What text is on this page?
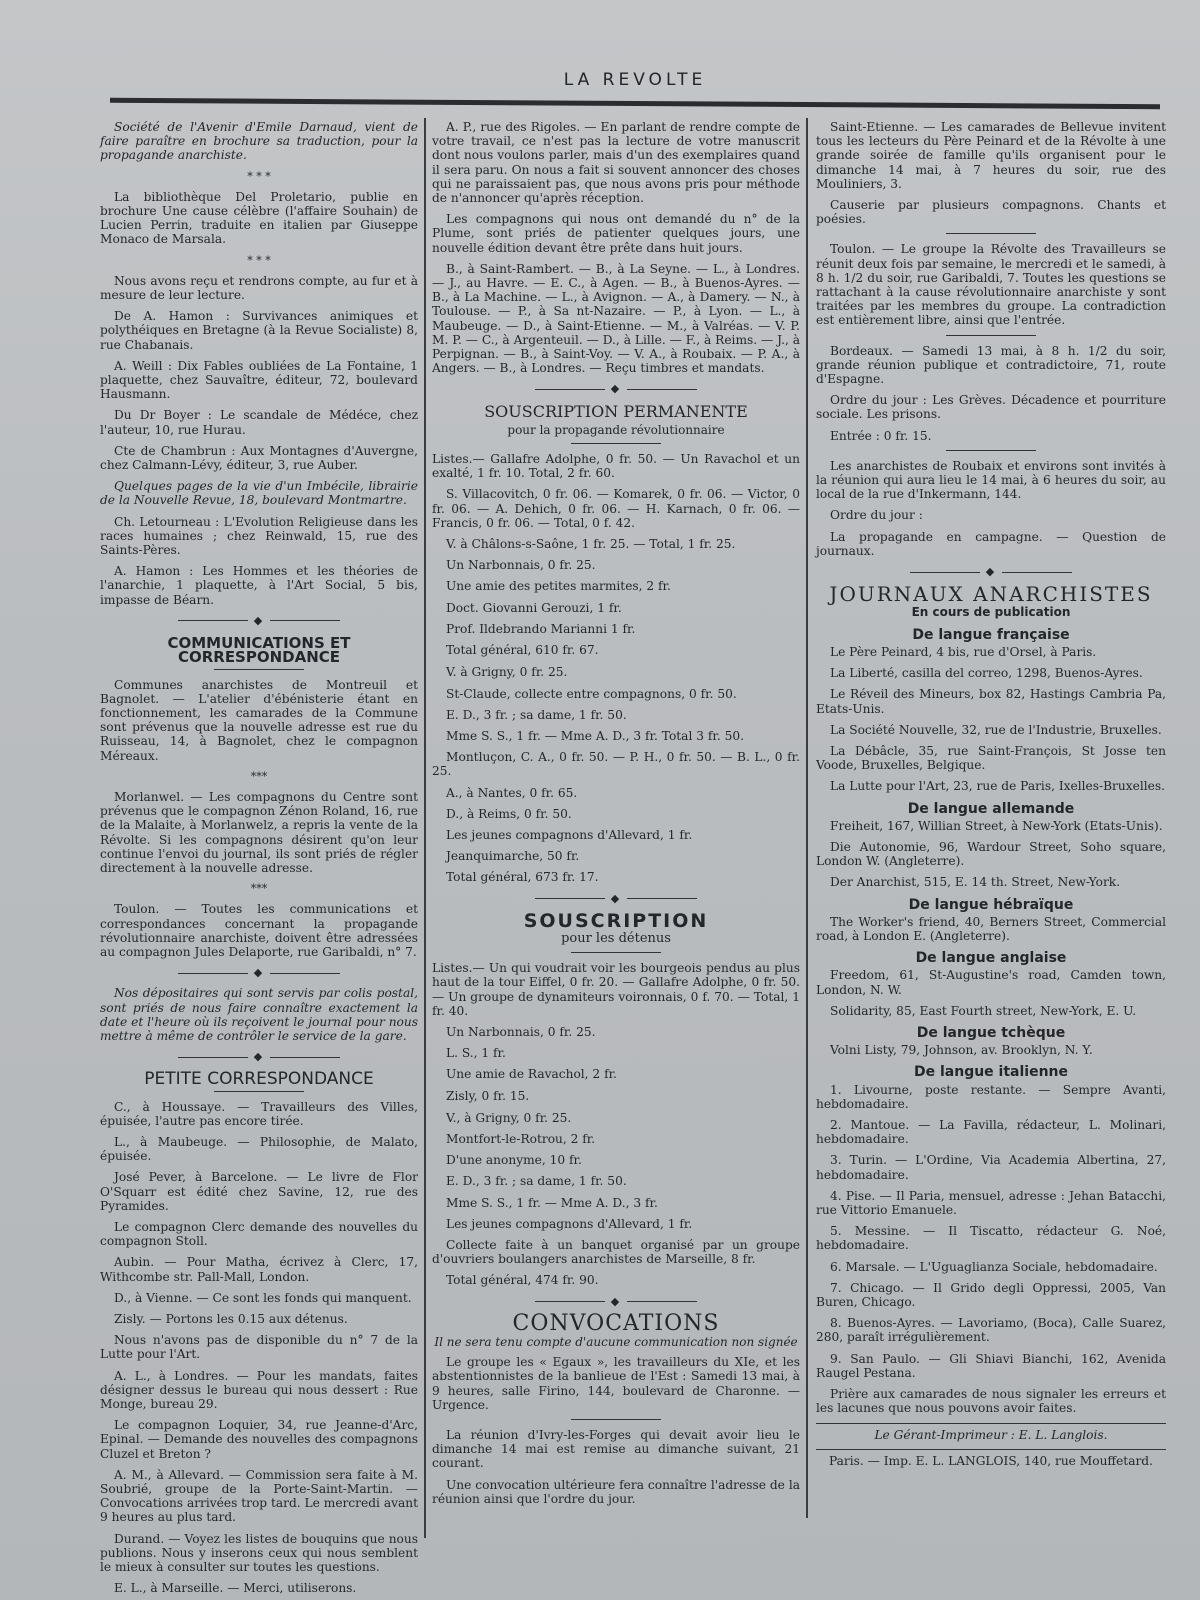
LA REVOLTE

Société de l'Avenir d'Emile Darnaud, vient de faire paraître en brochure sa traduction, pour la propagande anarchiste.

* * *

La bibliothèque Del Proletario, publie en brochure Une cause célèbre (l'affaire Souhain) de Lucien Perrin, traduite en italien par Giuseppe Monaco de Marsala.

* * *

Nous avons reçu et rendrons compte, au fur et à mesure de leur lecture.

De A. Hamon : Survivances animiques et polythéiques en Bretagne (à la Revue Socialiste) 8, rue Chabanais.

A. Weill : Dix Fables oubliées de La Fontaine, 1 plaquette, chez Sauvaître, éditeur, 72, boulevard Hausmann.

Du Dr Boyer : Le scandale de Médéce, chez l'auteur, 10, rue Hurau.

Cte de Chambrun : Aux Montagnes d'Auvergne, chez Calmann-Lévy, éditeur, 3, rue Auber.

Quelques pages de la vie d'un Imbécile, librairie de la Nouvelle Revue, 18, boulevard Montmartre.

Ch. Letourneau : L'Evolution Religieuse dans les races humaines ; chez Reinwald, 15, rue des Saints-Pères.

A. Hamon : Les Hommes et les théories de l'anarchie, 1 plaquette, à l'Art Social, 5 bis, impasse de Béarn.

◆
COMMUNICATIONS ET CORRESPONDANCE

Communes anarchistes de Montreuil et Bagnolet. — L'atelier d'ébénisterie étant en fonctionnement, les camarades de la Commune sont prévenus que la nouvelle adresse est rue du Ruisseau, 14, à Bagnolet, chez le compagnon Méreaux.

***

Morlanwel. — Les compagnons du Centre sont prévenus que le compagnon Zénon Roland, 16, rue de la Malaite, à Morlanwelz, a repris la vente de la Révolte. Si les compagnons désirent qu'on leur continue l'envoi du journal, ils sont priés de régler directement à la nouvelle adresse.

***

Toulon. — Toutes les communications et correspondances concernant la propagande révolutionnaire anarchiste, doivent être adressées au compagnon Jules Delaporte, rue Garibaldi, n° 7.

◆

Nos dépositaires qui sont servis par colis postal, sont priés de nous faire connaître exactement la date et l'heure où ils reçoivent le journal pour nous mettre à même de contrôler le service de la gare.

◆
PETITE CORRESPONDANCE

C., à Houssaye. — Travailleurs des Villes, épuisée, l'autre pas encore tirée.

L., à Maubeuge. — Philosophie, de Malato, épuisée.

José Pever, à Barcelone. — Le livre de Flor O'Squarr est édité chez Savine, 12, rue des Pyramides.

Le compagnon Clerc demande des nouvelles du compagnon Stoll.

Aubin. — Pour Matha, écrivez à Clerc, 17, Withcombe str. Pall-Mall, London.

D., à Vienne. — Ce sont les fonds qui manquent.

Zisly. — Portons les 0.15 aux détenus.

Nous n'avons pas de disponible du n° 7 de la Lutte pour l'Art.

A. L., à Londres. — Pour les mandats, faites désigner dessus le bureau qui nous dessert : Rue Monge, bureau 29.

Le compagnon Loquier, 34, rue Jeanne-d'Arc, Epinal. — Demande des nouvelles des compagnons Cluzel et Breton ?

A. M., à Allevard. — Commission sera faite à M. Soubrié, groupe de la Porte-Saint-Martin. — Convocations arrivées trop tard. Le mercredi avant 9 heures au plus tard.

Durand. — Voyez les listes de bouquins que nous publions. Nous y inserons ceux qui nous semblent le mieux à consulter sur toutes les questions.

E. L., à Marseille. — Merci, utiliserons.

A. P., rue des Rigoles. — En parlant de rendre compte de votre travail, ce n'est pas la lecture de votre manuscrit dont nous voulons parler, mais d'un des exemplaires quand il sera paru. On nous a fait si souvent annoncer des choses qui ne paraissaient pas, que nous avons pris pour méthode de n'annoncer qu'après réception.

Les compagnons qui nous ont demandé du n° de la Plume, sont priés de patienter quelques jours, une nouvelle édition devant être prête dans huit jours.

B., à Saint-Rambert. — B., à La Seyne. — L., à Londres. — J., au Havre. — E. C., à Agen. — B., à Buenos-Ayres. — B., à La Machine. — L., à Avignon. — A., à Damery. — N., à Toulouse. — P., à Sa nt-Nazaire. — P., à Lyon. — L., à Maubeuge. — D., à Saint-Etienne. — M., à Valréas. — V. P. M. P. — C., à Argenteuil. — D., à Lille. — F., à Reims. — J., à Perpignan. — B., à Saint-Voy. — V. A., à Roubaix. — P. A., à Angers. — B., à Londres. — Reçu timbres et mandats.

◆
SOUSCRIPTION PERMANENTE
pour la propagande révolutionnaire

Listes.— Gallafre Adolphe, 0 fr. 50. — Un Ravachol et un exalté, 1 fr. 10. Total, 2 fr. 60.

S. Villacovitch, 0 fr. 06. — Komarek, 0 fr. 06. — Victor, 0 fr. 06. — A. Dehich, 0 fr. 06. — H. Karnach, 0 fr. 06. — Francis, 0 fr. 06. — Total, 0 f. 42.

V. à Châlons-s-Saône, 1 fr. 25. — Total, 1 fr. 25.

Un Narbonnais, 0 fr. 25.

Une amie des petites marmites, 2 fr.

Doct. Giovanni Gerouzi, 1 fr.

Prof. Ildebrando Marianni 1 fr.

Total général, 610 fr. 67.

V. à Grigny, 0 fr. 25.

St-Claude, collecte entre compagnons, 0 fr. 50.

E. D., 3 fr. ; sa dame, 1 fr. 50.

Mme S. S., 1 fr. — Mme A. D., 3 fr. Total 3 fr. 50.

Montluçon, C. A., 0 fr. 50. — P. H., 0 fr. 50. — B. L., 0 fr. 25.

A., à Nantes, 0 fr. 65.

D., à Reims, 0 fr. 50.

Les jeunes compagnons d'Allevard, 1 fr.

Jeanquimarche, 50 fr.

Total général, 673 fr. 17.

◆
SOUSCRIPTION
pour les détenus

Listes.— Un qui voudrait voir les bourgeois pendus au plus haut de la tour Eiffel, 0 fr. 20. — Gallafre Adolphe, 0 fr. 50. — Un groupe de dynamiteurs voironnais, 0 f. 70. — Total, 1 fr. 40.

Un Narbonnais, 0 fr. 25.

L. S., 1 fr.

Une amie de Ravachol, 2 fr.

Zisly, 0 fr. 15.

V., à Grigny, 0 fr. 25.

Montfort-le-Rotrou, 2 fr.

D'une anonyme, 10 fr.

E. D., 3 fr. ; sa dame, 1 fr. 50.

Mme S. S., 1 fr. — Mme A. D., 3 fr.

Les jeunes compagnons d'Allevard, 1 fr.

Collecte faite à un banquet organisé par un groupe d'ouvriers boulangers anarchistes de Marseille, 8 fr.

Total général, 474 fr. 90.

◆
CONVOCATIONS
Il ne sera tenu compte d'aucune communication non signée

Le groupe les « Egaux », les travailleurs du XIe, et les abstentionnistes de la banlieue de l'Est : Samedi 13 mai, à 9 heures, salle Firino, 144, boulevard de Charonne. — Urgence.

La réunion d'Ivry-les-Forges qui devait avoir lieu le dimanche 14 mai est remise au dimanche suivant, 21 courant.

Une convocation ultérieure fera connaître l'adresse de la réunion ainsi que l'ordre du jour.

Saint-Etienne. — Les camarades de Bellevue invitent tous les lecteurs du Père Peinard et de la Révolte à une grande soirée de famille qu'ils organisent pour le dimanche 14 mai, à 7 heures du soir, rue des Mouliniers, 3.

Causerie par plusieurs compagnons. Chants et poésies.

Toulon. — Le groupe la Révolte des Travailleurs se réunit deux fois par semaine, le mercredi et le samedi, à 8 h. 1/2 du soir, rue Garibaldi, 7. Toutes les questions se rattachant à la cause révolutionnaire anarchiste y sont traitées par les membres du groupe. La contradiction est entièrement libre, ainsi que l'entrée.

Bordeaux. — Samedi 13 mai, à 8 h. 1/2 du soir, grande réunion publique et contradictoire, 71, route d'Espagne.

Ordre du jour : Les Grèves. Décadence et pourriture sociale. Les prisons.

Entrée : 0 fr. 15.

Les anarchistes de Roubaix et environs sont invités à la réunion qui aura lieu le 14 mai, à 6 heures du soir, au local de la rue d'Inkermann, 144.

Ordre du jour :

La propagande en campagne. — Question de journaux.

◆
JOURNAUX ANARCHISTES
En cours de publication
De langue française

Le Père Peinard, 4 bis, rue d'Orsel, à Paris.

La Liberté, casilla del correo, 1298, Buenos-Ayres.

Le Réveil des Mineurs, box 82, Hastings Cambria Pa, Etats-Unis.

La Société Nouvelle, 32, rue de l'Industrie, Bruxelles.

La Débâcle, 35, rue Saint-François, St Josse ten Voode, Bruxelles, Belgique.

La Lutte pour l'Art, 23, rue de Paris, Ixelles-Bruxelles.

De langue allemande

Freiheit, 167, Willian Street, à New-York (Etats-Unis).

Die Autonomie, 96, Wardour Street, Soho square, London W. (Angleterre).

Der Anarchist, 515, E. 14 th. Street, New-York.

De langue hébraïque

The Worker's friend, 40, Berners Street, Commercial road, à London E. (Angleterre).

De langue anglaise

Freedom, 61, St-Augustine's road, Camden town, London, N. W.

Solidarity, 85, East Fourth street, New-York, E. U.

De langue tchèque

Volni Listy, 79, Johnson, av. Brooklyn, N. Y.

De langue italienne

1. Livourne, poste restante. — Sempre Avanti, hebdomadaire.

2. Mantoue. — La Favilla, rédacteur, L. Molinari, hebdomadaire.

3. Turin. — L'Ordine, Via Academia Albertina, 27, hebdomadaire.

4. Pise. — Il Paria, mensuel, adresse : Jehan Batacchi, rue Vittorio Emanuele.

5. Messine. — Il Tiscatto, rédacteur G. Noé, hebdomadaire.

6. Marsale. — L'Uguaglianza Sociale, hebdomadaire.

7. Chicago. — Il Grido degli Oppressi, 2005, Van Buren, Chicago.

8. Buenos-Ayres. — Lavoriamo, (Boca), Calle Suarez, 280, paraît irrégulièrement.

9. San Paulo. — Gli Shiavi Bianchi, 162, Avenida Raugel Pestana.

Prière aux camarades de nous signaler les erreurs et les lacunes que nous pouvons avoir faites.

Le Gérant-Imprimeur : E. L. Langlois.
Paris. — Imp. E. L. LANGLOIS, 140, rue Mouffetard.
